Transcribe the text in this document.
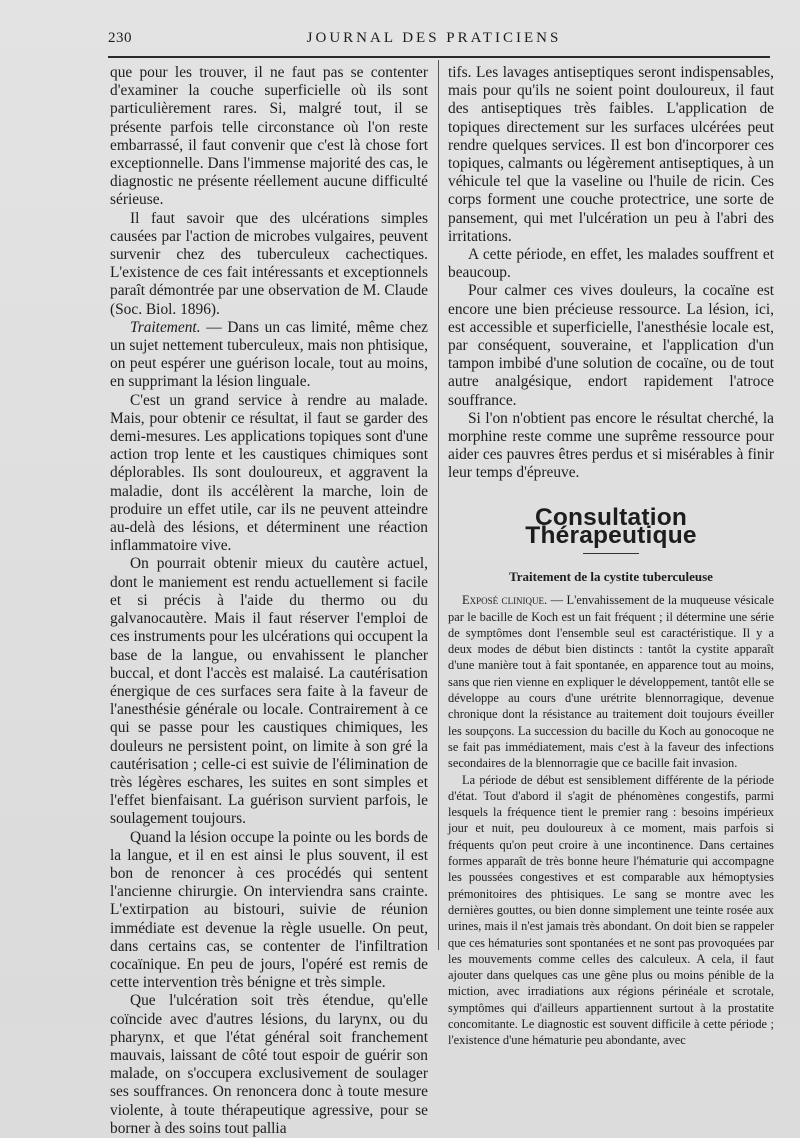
230	JOURNAL DES PRATICIENS

que pour les trouver, il ne faut pas se contenter d'examiner la couche superficielle où ils sont particulièrement rares. Si, malgré tout, il se présente parfois telle circonstance où l'on reste embarrassé, il faut convenir que c'est là chose fort exceptionnelle. Dans l'immense majorité des cas, le diagnostic ne présente réellement aucune difficulté sérieuse.

Il faut savoir que des ulcérations simples causées par l'action de microbes vulgaires, peuvent survenir chez des tuberculeux cachectiques. L'existence de ces fait intéressants et exceptionnels paraît démontrée par une observation de M. Claude (Soc. Biol. 1896).

Traitement. — Dans un cas limité, même chez un sujet nettement tuberculeux, mais non phtisique, on peut espérer une guérison locale, tout au moins, en supprimant la lésion linguale.

C'est un grand service à rendre au malade. Mais, pour obtenir ce résultat, il faut se garder des demi-mesures. Les applications topiques sont d'une action trop lente et les caustiques chimiques sont déplorables. Ils sont douloureux, et aggravent la maladie, dont ils accélèrent la marche, loin de produire un effet utile, car ils ne peuvent atteindre au-delà des lésions, et déterminent une réaction inflammatoire vive.

On pourrait obtenir mieux du cautère actuel, dont le maniement est rendu actuellement si facile et si précis à l'aide du thermo ou du galvanocautère. Mais il faut réserver l'emploi de ces instruments pour les ulcérations qui occupent la base de la langue, ou envahissent le plancher buccal, et dont l'accès est malaisé. La cautérisation énergique de ces surfaces sera faite à la faveur de l'anesthésie générale ou locale. Contrairement à ce qui se passe pour les caustiques chimiques, les douleurs ne persistent point, on limite à son gré la cautérisation ; celle-ci est suivie de l'élimination de très légères eschares, les suites en sont simples et l'effet bienfaisant. La guérison survient parfois, le soulagement toujours.

Quand la lésion occupe la pointe ou les bords de la langue, et il en est ainsi le plus souvent, il est bon de renoncer à ces procédés qui sentent l'ancienne chirurgie. On interviendra sans crainte. L'extirpation au bistouri, suivie de réunion immédiate est devenue la règle usuelle. On peut, dans certains cas, se contenter de l'infiltration cocaïnique. En peu de jours, l'opéré est remis de cette intervention très bénigne et très simple.

Que l'ulcération soit très étendue, qu'elle coïncide avec d'autres lésions, du larynx, ou du pharynx, et que l'état général soit franchement mauvais, laissant de côté tout espoir de guérir son malade, on s'occupera exclusivement de soulager ses souffrances. On renoncera donc à toute mesure violente, à toute thérapeutique agressive, pour se borner à des soins tout pallia

tifs. Les lavages antiseptiques seront indispensables, mais pour qu'ils ne soient point douloureux, il faut des antiseptiques très faibles. L'application de topiques directement sur les surfaces ulcérées peut rendre quelques services. Il est bon d'incorporer ces topiques, calmants ou légèrement antiseptiques, à un véhicule tel que la vaseline ou l'huile de ricin. Ces corps forment une couche protectrice, une sorte de pansement, qui met l'ulcération un peu à l'abri des irritations.

A cette période, en effet, les malades souffrent et beaucoup.

Pour calmer ces vives douleurs, la cocaïne est encore une bien précieuse ressource. La lésion, ici, est accessible et superficielle, l'anesthésie locale est, par conséquent, souveraine, et l'application d'un tampon imbibé d'une solution de cocaïne, ou de tout autre analgésique, endort rapidement l'atroce souffrance.

Si l'on n'obtient pas encore le résultat cherché, la morphine reste comme une suprême ressource pour aider ces pauvres êtres perdus et si misérables à finir leur temps d'épreuve.

Consultation Thérapeutique
Traitement de la cystite tuberculeuse

Exposé clinique. — L'envahissement de la muqueuse vésicale par le bacille de Koch est un fait fréquent ; il détermine une série de symptômes dont l'ensemble seul est caractéristique. Il y a deux modes de début bien distincts : tantôt la cystite apparaît d'une manière tout à fait spontanée, en apparence tout au moins, sans que rien vienne en expliquer le développement, tantôt elle se développe au cours d'une urétrite blennorragique, devenue chronique dont la résistance au traitement doit toujours éveiller les soupçons. La succession du bacille du Koch au gonocoque ne se fait pas immédiatement, mais c'est à la faveur des infections secondaires de la blennorragie que ce bacille fait invasion.

La période de début est sensiblement différente de la période d'état. Tout d'abord il s'agit de phénomènes congestifs, parmi lesquels la fréquence tient le premier rang : besoins impérieux jour et nuit, peu douloureux à ce moment, mais parfois si fréquents qu'on peut croire à une incontinence. Dans certaines formes apparaît de très bonne heure l'hématurie qui accompagne les poussées congestives et est comparable aux hémoptysies prémonitoires des phtisiques. Le sang se montre avec les dernières gouttes, ou bien donne simplement une teinte rosée aux urines, mais il n'est jamais très abondant. On doit bien se rappeler que ces hématuries sont spontanées et ne sont pas provoquées par les mouvements comme celles des calculeux. A cela, il faut ajouter dans quelques cas une gêne plus ou moins pénible de la miction, avec irradiations aux régions périnéale et scrotale, symptômes qui d'ailleurs appartiennent surtout à la prostatite concomitante. Le diagnostic est souvent difficile à cette période ; l'existence d'une hématurie peu abondante, avec
